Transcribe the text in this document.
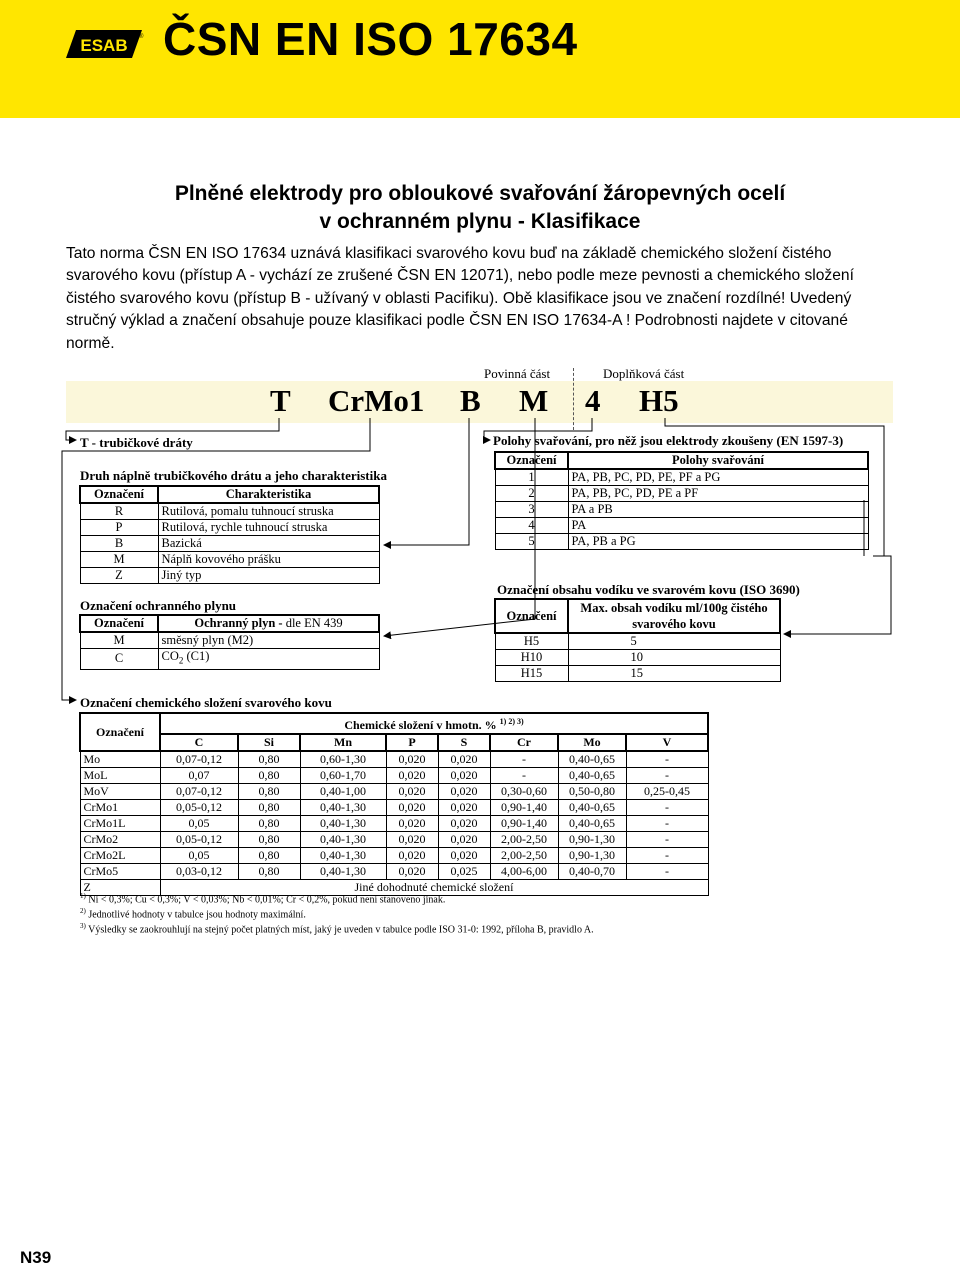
ESAB ® ČSN EN ISO 17634
Plněné elektrody pro obloukové svařování žáropevných ocelí
v ochranném plynu - Klasifikace
Tato norma ČSN EN ISO 17634 uznává klasifikaci svarového kovu buď na základě chemického složení čistého
svarového kovu (přístup A - vychází ze zrušené ČSN EN 12071), nebo podle meze pevnosti a chemického složení
čistého svarového kovu (přístup B - užívaný v oblasti Pacifiku). Obě klasifikace jsou ve značení rozdílné! Uvedený
stručný výklad a značení obsahuje pouze klasifikaci podle ČSN EN ISO 17634-A ! Podrobnosti najdete v citované
normě.
Povinná část	Doplňková část
T CrMo1 B M 4 H5
T - trubičkové dráty
Druh náplně trubičkového drátu a jeho charakteristika
Označení	Charakteristika
R	Rutilová, pomalu tuhnoucí struska
P	Rutilová, rychle tuhnoucí struska
B	Bazická
M	Náplň kovového prášku
Z	Jiný typ
Označení ochranného plynu
Označení	Ochranný plyn - dle EN 439
M	směsný plyn (M2)
C	$CO_2$ (C1)
Polohy svařování, pro něž jsou elektrody zkoušeny (EN 1597-3)
Označení	Polohy svařování
1	PA, PB, PC, PD, PE, PF a PG
2	PA, PB, PC, PD, PE a PF
3	PA a PB
4	PA
5	PA, PB a PG
Označení obsahu vodíku ve svarovém kovu (ISO 3690)
Označení	Max. obsah vodíku ml/100g čistého
svarového kovu

H5	5
H10	10
H15	15
Označení chemického složení svarového kovu
Označení	Chemické složení v hmotn. % $^{1) 2) 3)}$
	C	Si	Mn	P	S	Cr	Mo	V
Mo	0,07-0,12	0,80	0,60-1,30	0,020	0,020	-	0,40-0,65	-
MoL	0,07	0,80	0,60-1,70	0,020	0,020	-	0,40-0,65	-
MoV	0,07-0,12	0,80	0,40-1,00	0,020	0,020	0,30-0,60	0,50-0,80	0,25-0,45
CrMo1	0,05-0,12	0,80	0,40-1,30	0,020	0,020	0,90-1,40	0,40-0,65	-
CrMo1L	0,05	0,80	0,40-1,30	0,020	0,020	0,90-1,40	0,40-0,65	-
CrMo2	0,05-0,12	0,80	0,40-1,30	0,020	0,020	2,00-2,50	0,90-1,30	-
CrMo2L	0,05	0,80	0,40-1,30	0,020	0,020	2,00-2,50	0,90-1,30	-
CrMo5	0,03-0,12	0,80	0,40-1,30	0,020	0,025	4,00-6,00	0,40-0,70	-
Z	Jiné dohodnuté chemické složení							
$^{1)}$ Ni < 0,3%; Cu < 0,3%; V < 0,03%; Nb < 0,01%; Cr < 0,2%, pokud není stanoveno jinak.
$^{2)}$ Jednotlivé hodnoty v tabulce jsou hodnoty maximální.
$^{3)}$ Výsledky se zaokrouhlují na stejný počet platných míst, jaký je uveden v tabulce podle ISO 31-0: 1992, příloha B, pravidlo A.
N39
